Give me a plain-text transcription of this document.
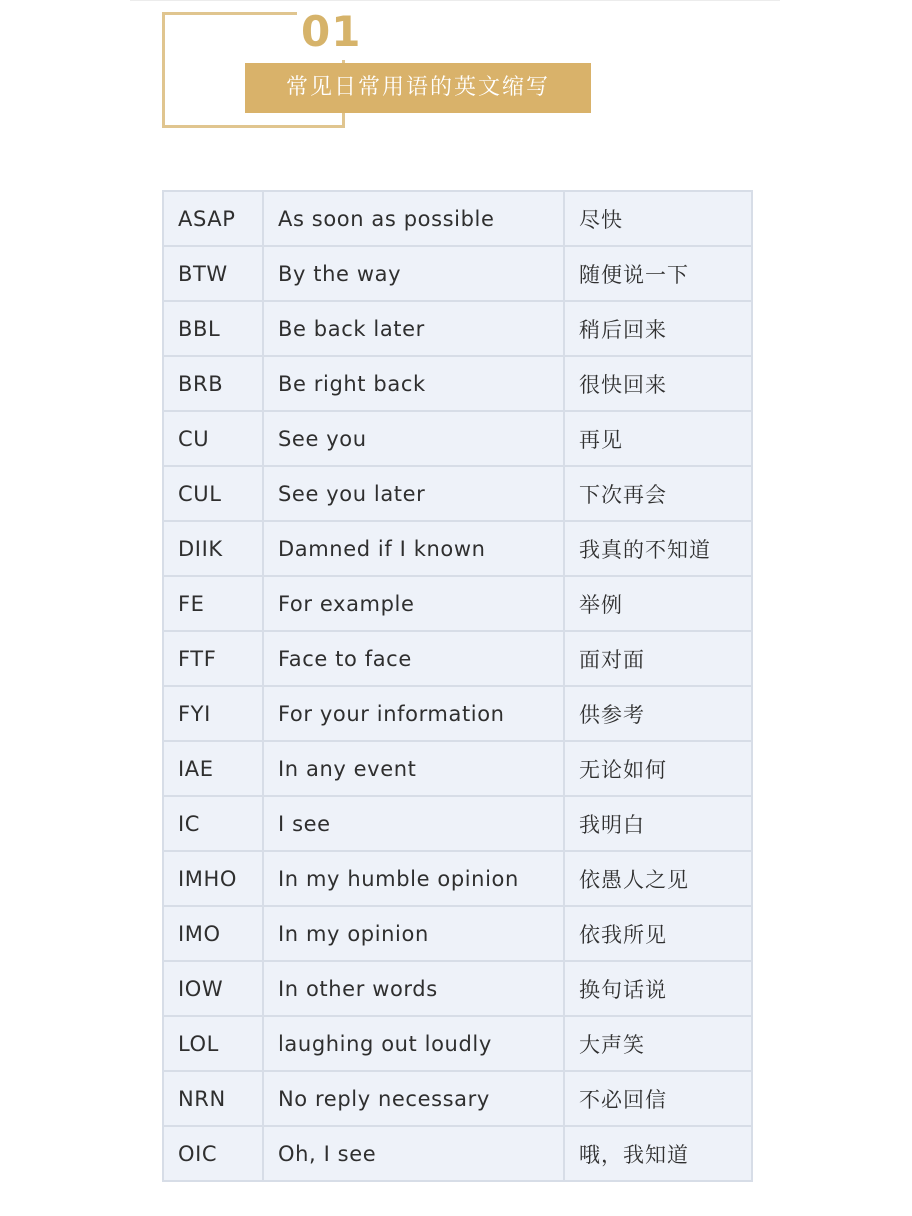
01
常见日常用语的英文缩写
ASAP	As soon as possible	尽快
BTW	By the way	随便说一下
BBL	Be back later	稍后回来
BRB	Be right back	很快回来
CU	See you	再见
CUL	See you later	下次再会
DIIK	Damned if I known	我真的不知道
FE	For example	举例
FTF	Face to face	面对面
FYI	For your information	供参考
IAE	In any event	无论如何
IC	I see	我明白
IMHO	In my humble opinion	依愚人之见
IMO	In my opinion	依我所见
IOW	In other words	换句话说
LOL	laughing out loudly	大声笑
NRN	No reply necessary	不必回信
OIC	Oh, I see	哦，我知道
